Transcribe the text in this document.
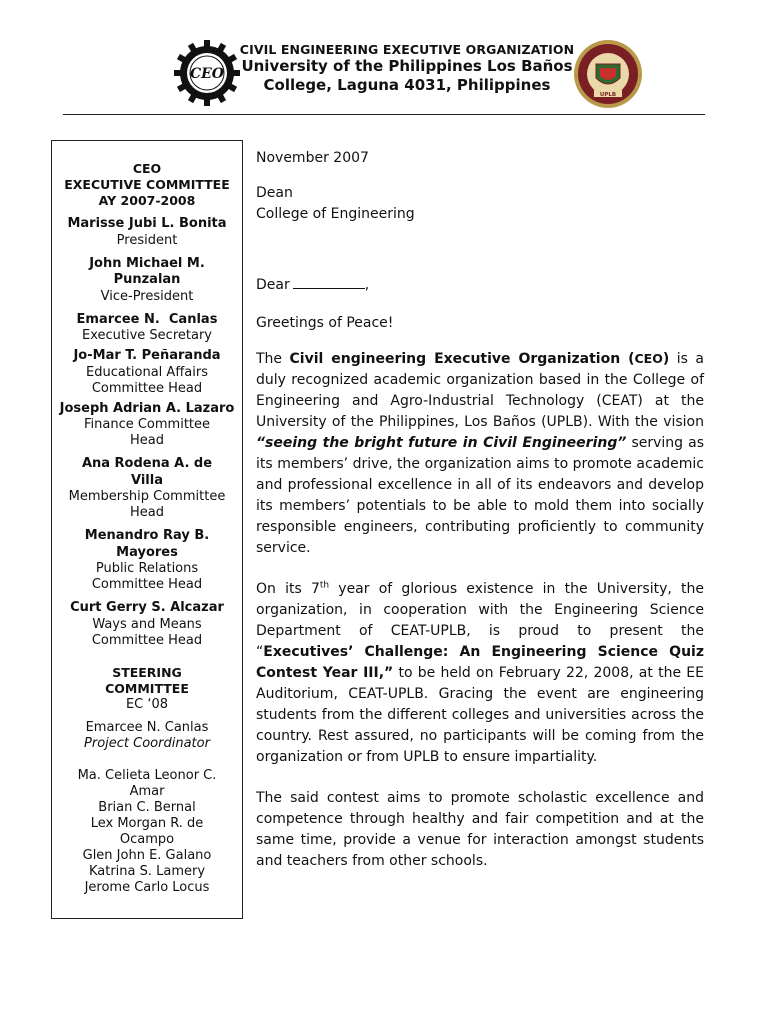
CEO
CIVIL ENGINEERING EXECUTIVE ORGANIZATION
University of the Philippines Los Baños
College, Laguna 4031, Philippines
UPLB
CEO
EXECUTIVE COMMITTEE
AY 2007-2008
Marisse Jubi L. Bonita
President
John Michael M. Punzalan
Vice-President
Emarcee N.  Canlas
Executive Secretary
Jo-Mar T. Peñaranda
Educational Affairs Committee Head
Joseph Adrian A. Lazaro
Finance Committee Head
Ana Rodena A. de Villa
Membership Committee Head
Menandro Ray B. Mayores
Public Relations Committee Head
Curt Gerry S. Alcazar
Ways and Means Committee Head
STEERING COMMITTEE
EC ‘08
Emarcee N. Canlas
Project Coordinator
Ma. Celieta Leonor C. Amar
Brian C. Bernal
Lex Morgan R. de Ocampo
Glen John E. Galano
Katrina S. Lamery
Jerome Carlo Locus

November 2007

Dean

College of Engineering

Dear	,

Greetings of Peace!

The Civil engineering Executive Organization (CEO) is a duly recognized academic organization based in the College of Engineering and Agro-Industrial Technology (CEAT) at the University of the Philippines, Los Baños (UPLB). With the vision “seeing the bright future in Civil Engineering” serving as its members’ drive, the organization aims to promote academic and professional excellence in all of its endeavors and develop its members’ potentials to be able to mold them into socially responsible engineers, contributing proficiently to community service.

On its 7th year of glorious existence in the University, the organization, in cooperation with the Engineering Science Department of CEAT-UPLB, is proud to present the “Executives’ Challenge: An Engineering Science Quiz Contest Year III,” to be held on February 22, 2008, at the EE Auditorium, CEAT-UPLB. Gracing the event are engineering students from the different colleges and universities across the country. Rest assured, no participants will be coming from the organization or from UPLB to ensure impartiality.

The said contest aims to promote scholastic excellence and competence through healthy and fair competition and at the same time, provide a venue for interaction amongst students and teachers from other schools.
